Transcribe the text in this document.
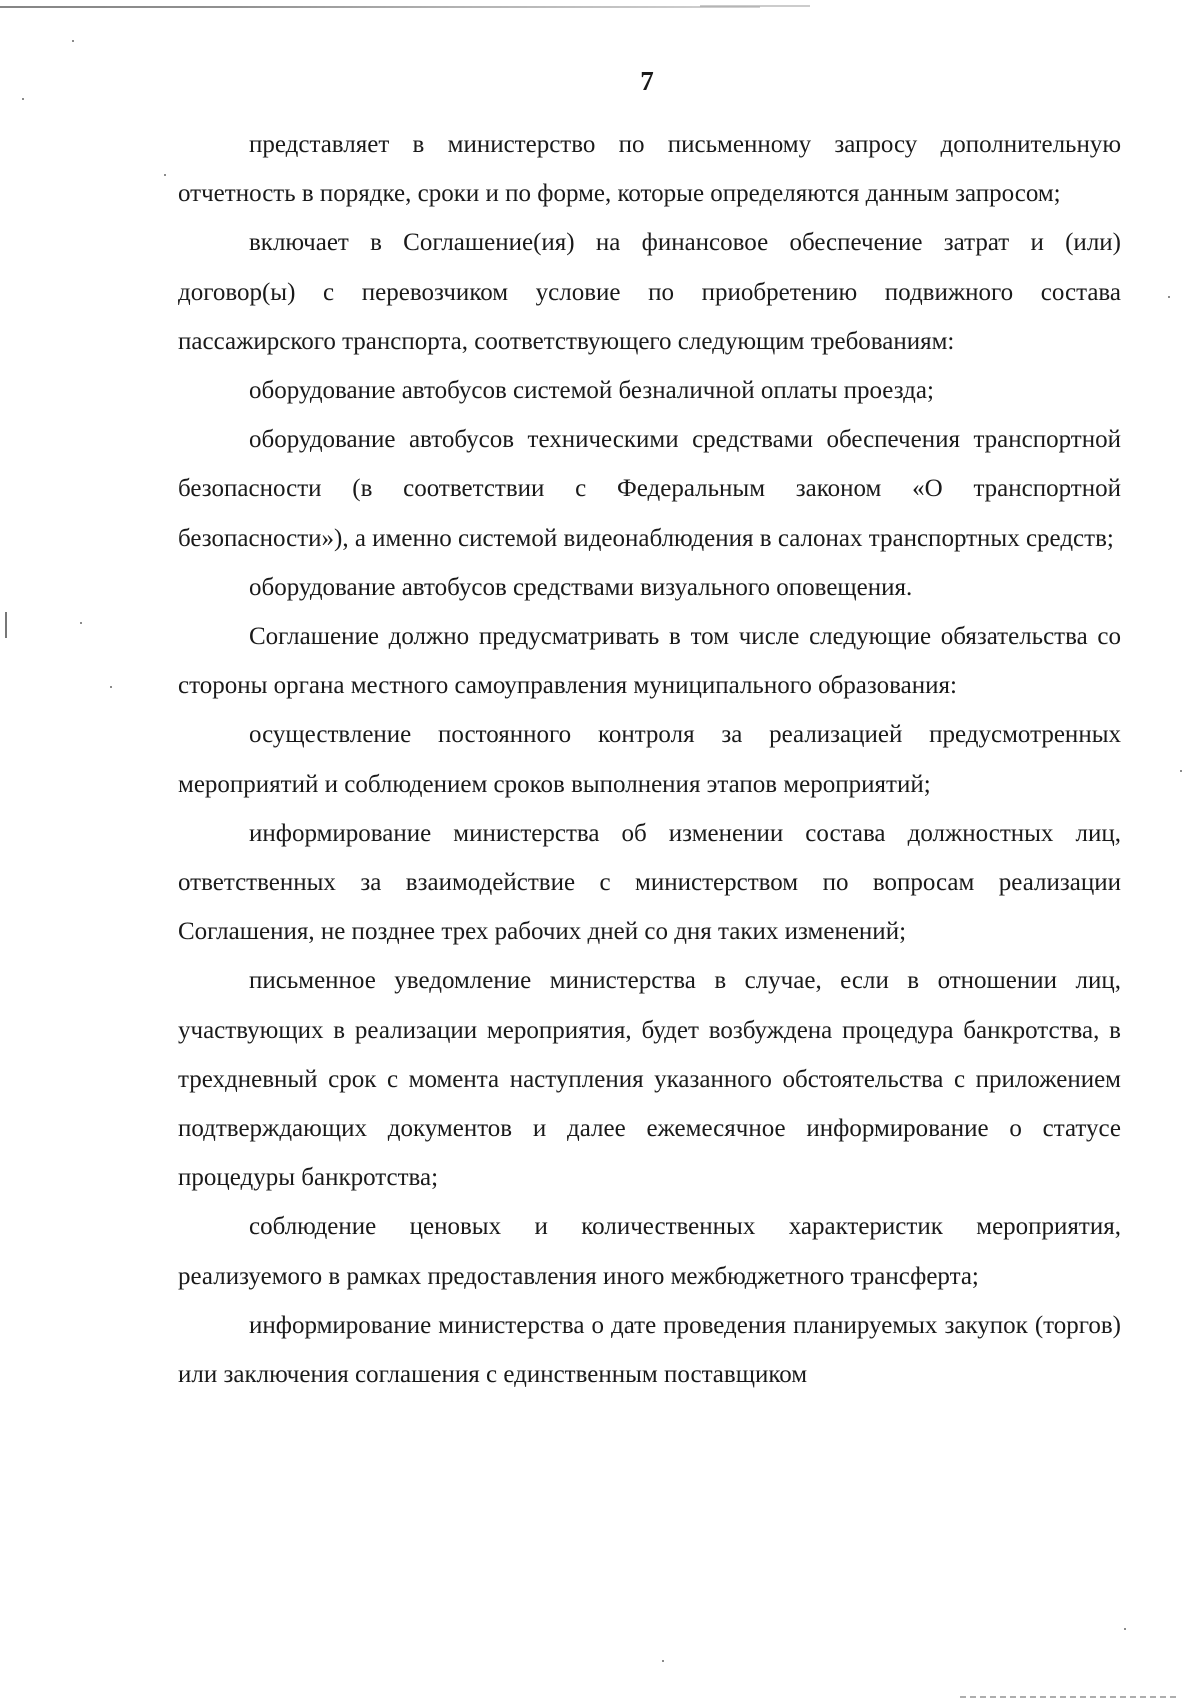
7

представляет в министерство по письменному запросу дополнительную отчетность в порядке, сроки и по форме, которые определяются данным запросом;

включает в Соглашение(ия) на финансовое обеспечение затрат и (или) договор(ы) с перевозчиком условие по приобретению подвижного состава пассажирского транспорта, соответствующего следующим требованиям:

оборудование автобусов системой безналичной оплаты проезда;

оборудование автобусов техническими средствами обеспечения транспортной безопасности (в соответствии с Федеральным законом «О транспортной безопасности»), а именно системой видеонаблюдения в салонах транспортных средств;

оборудование автобусов средствами визуального оповещения.

Соглашение должно предусматривать в том числе следующие обязательства со стороны органа местного самоуправления муниципального образования:

осуществление постоянного контроля за реализацией предусмотренных мероприятий и соблюдением сроков выполнения этапов мероприятий;

информирование министерства об изменении состава должностных лиц, ответственных за взаимодействие с министерством по вопросам реализации Соглашения, не позднее трех рабочих дней со дня таких изменений;

письменное уведомление министерства в случае, если в отношении лиц, участвующих в реализации мероприятия, будет возбуждена процедура банкротства, в трехдневный срок с момента наступления указанного обстоятельства с приложением подтверждающих документов и далее ежемесячное информирование о статусе процедуры банкротства;

соблюдение ценовых и количественных характеристик мероприятия, реализуемого в рамках предоставления иного межбюджетного трансферта;

информирование министерства о дате проведения планируемых закупок (торгов) или заключения соглашения с единственным поставщиком
